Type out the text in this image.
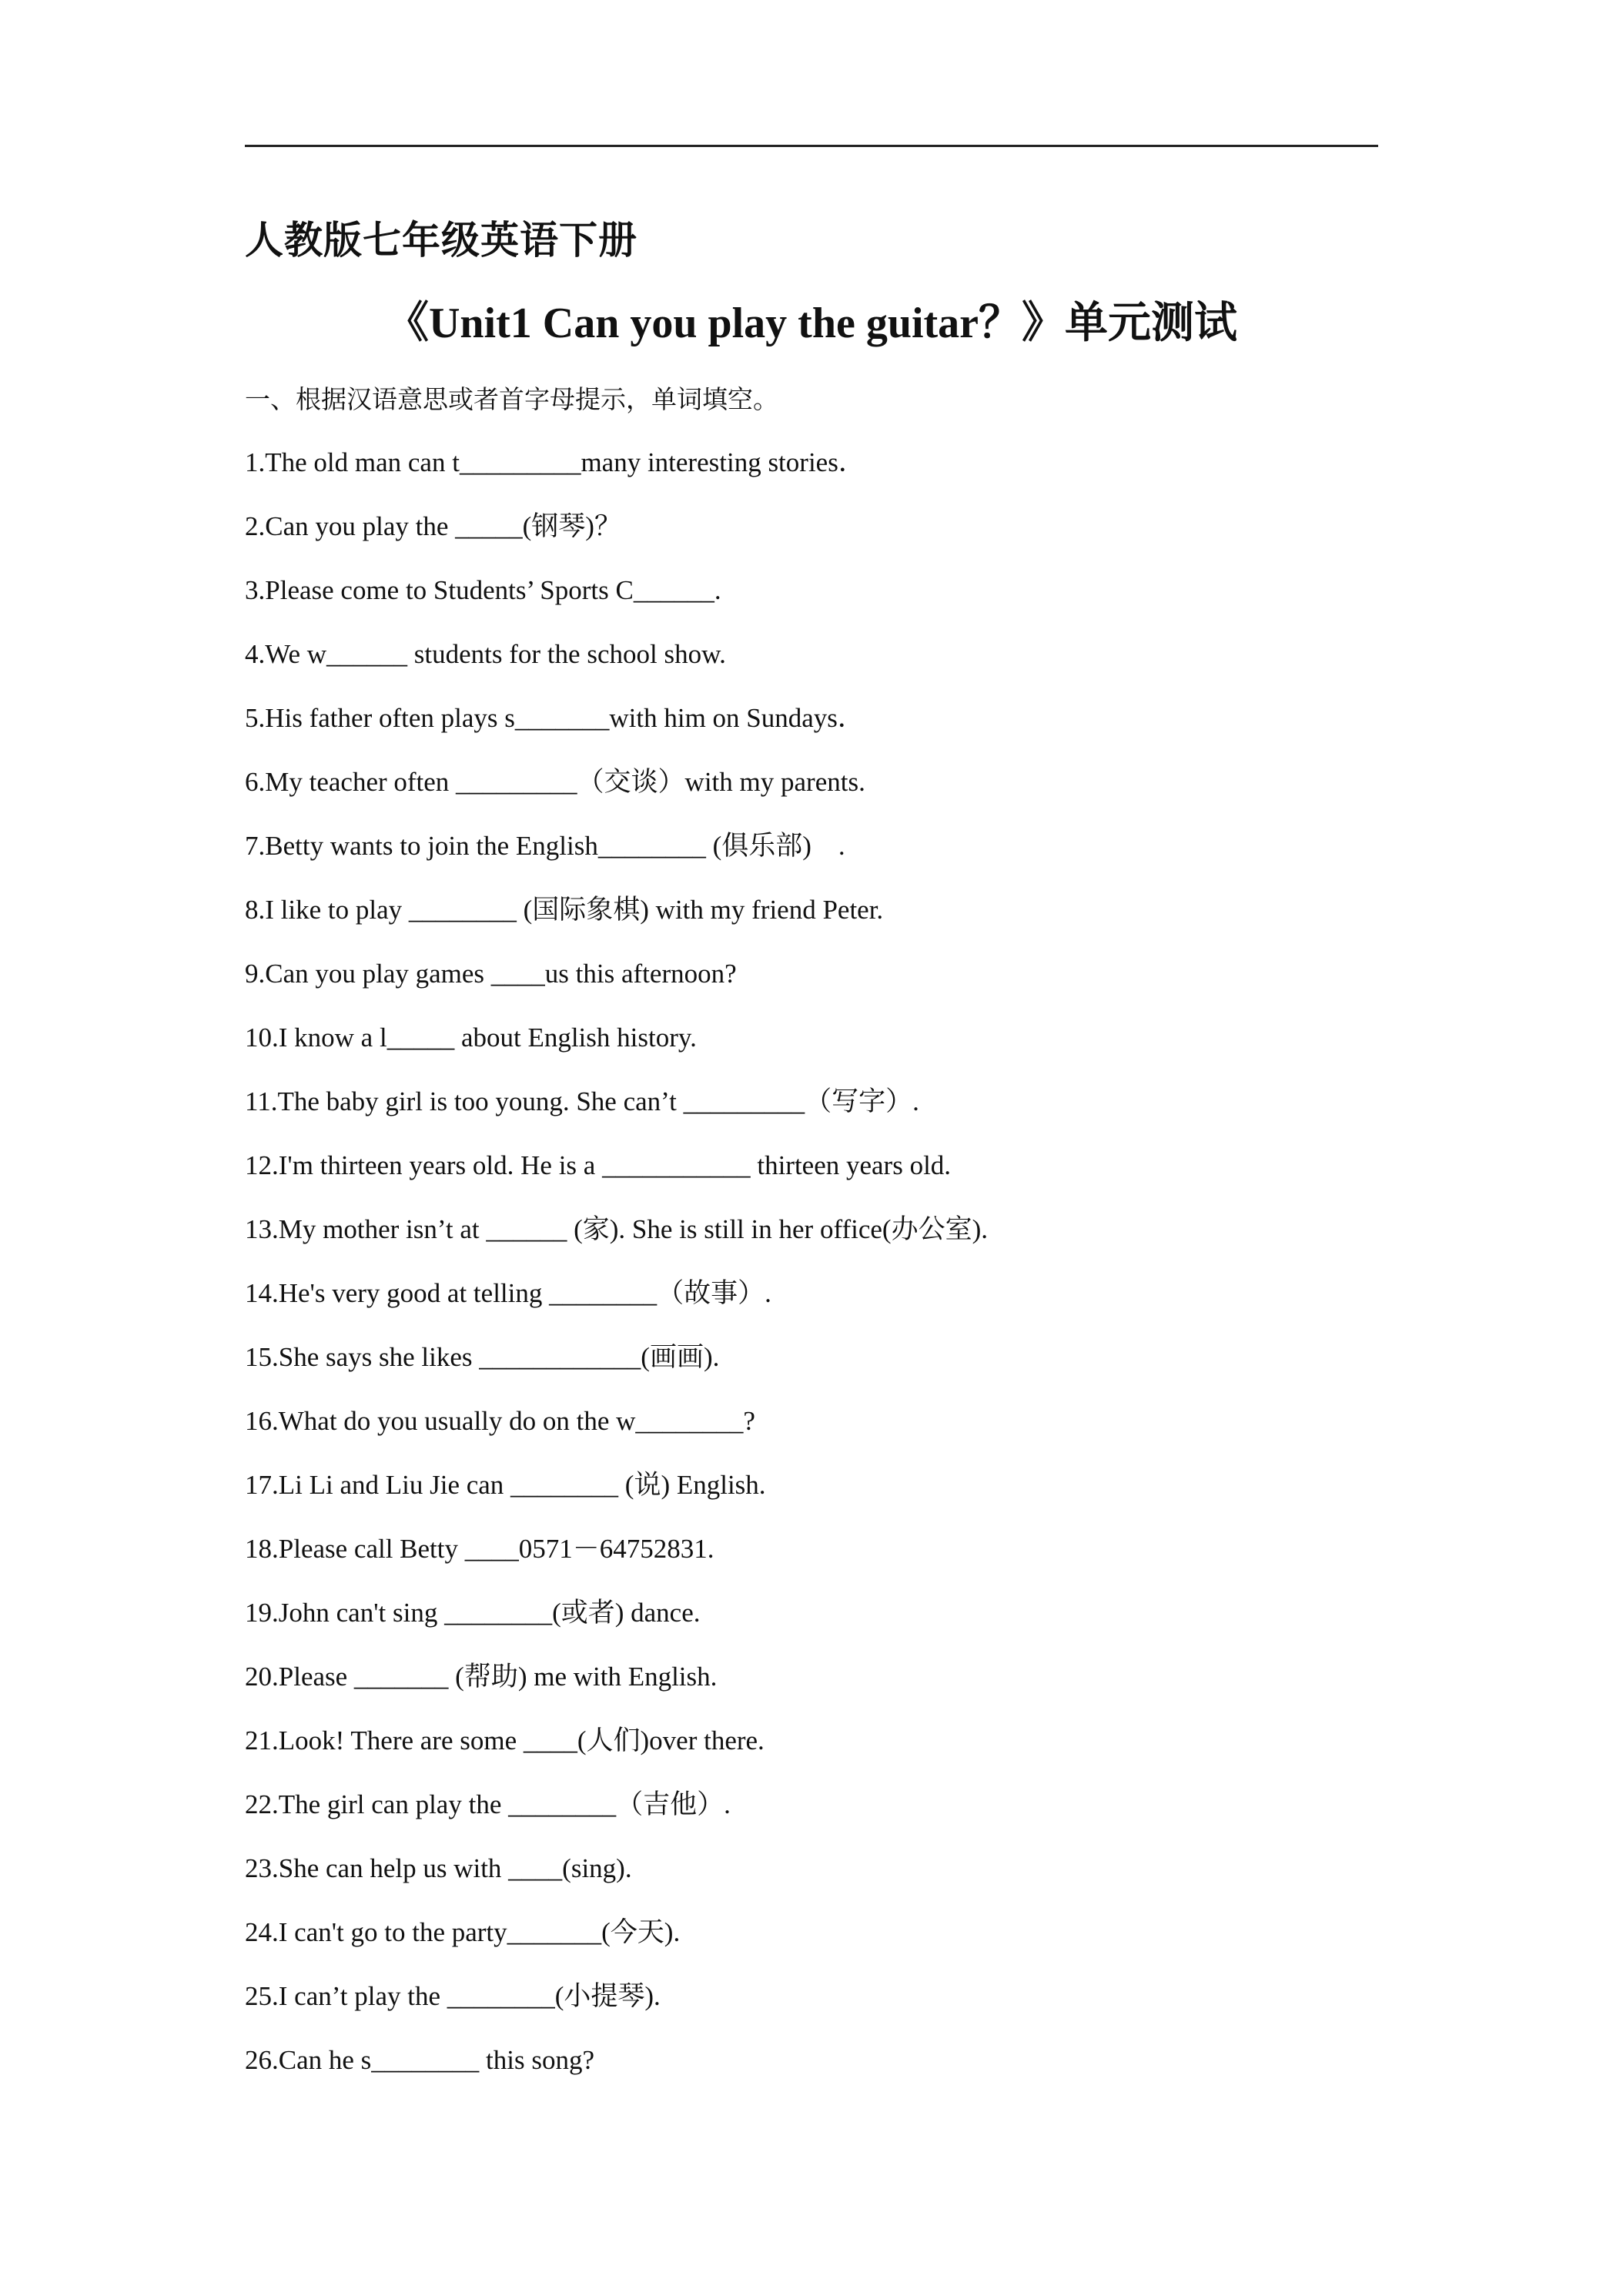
人教版七年级英语下册
《Unit1 Can you play the guitar？》单元测试

一、根据汉语意思或者首字母提示，单词填空。

1.The old man can t_________many interesting stories．
2.Can you play the _____(钢琴)？
3.Please come to Students’ Sports C______.
4.We w______ students for the school show.
5.His father often plays s_______with him on Sundays．
6.My teacher often _________（交谈）with my parents.
7.Betty wants to join the English________ (俱乐部)　.
8.I like to play ________ (国际象棋) with my friend Peter.
9.Can you play games ____us this afternoon?
10.I know a l_____ about English history.
11.The baby girl is too young. She can’t _________（写字）.
12.I'm thirteen years old. He is a ___________ thirteen years old.
13.My mother isn’t at ______ (家). She is still in her office(办公室).
14.He's very good at telling ________（故事）.
15.She says she likes ____________(画画).
16.What do you usually do on the w________?
17.Li Li and Liu Jie can ________ (说) English.
18.Please call Betty ____0571－64752831.
19.John can't sing ________(或者) dance.
20.Please _______ (帮助) me with English.
21.Look! There are some ____(人们)over there.
22.The girl can play the ________（吉他）.
23.She can help us with ____(sing).
24.I can't go to the party_______(今天).
25.I can’t play the ________(小提琴).
26.Can he s________ this song?
